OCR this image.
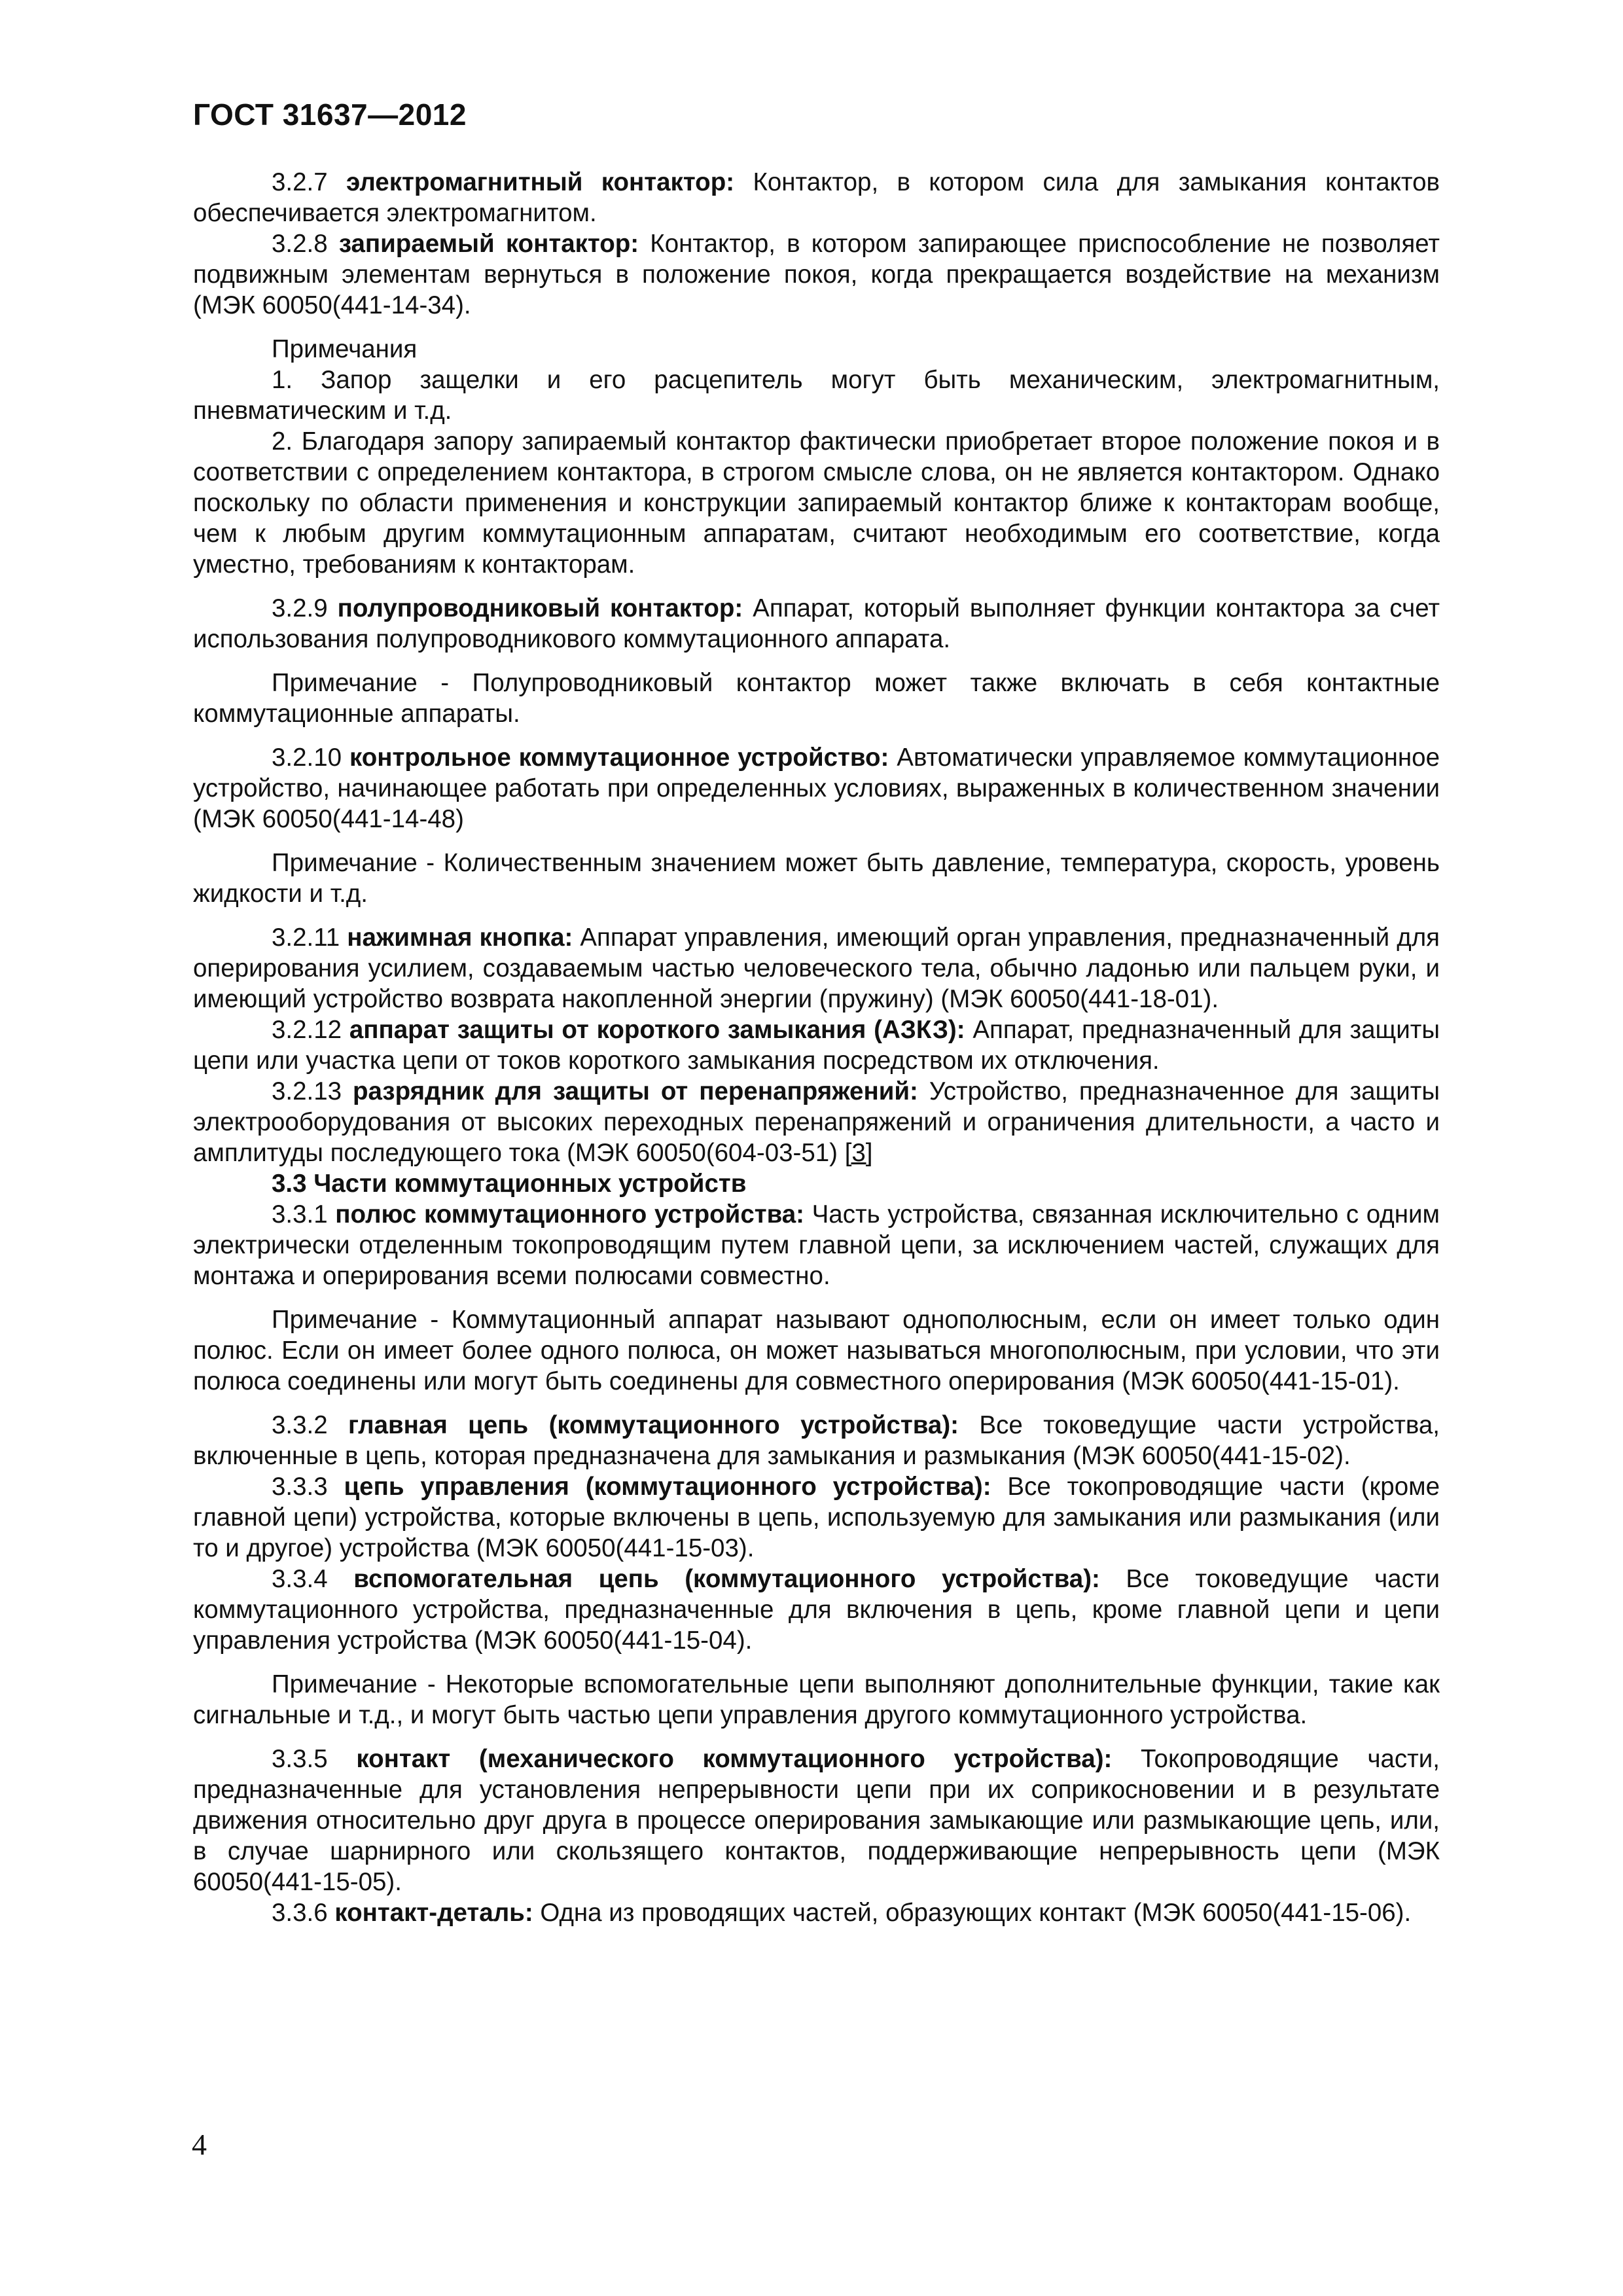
ГОСТ 31637—2012

3.2.7 электромагнитный контактор: Контактор, в котором сила для замыкания контактов обеспечивается электромагнитом.

3.2.8 запираемый контактор: Контактор, в котором запирающее приспособление не позволяет подвижным элементам вернуться в положение покоя, когда прекращается воздействие на механизм (МЭК 60050(441-14-34).

Примечания

1. Запор защелки и его расцепитель могут быть механическим, электромагнитным, пневматическим и т.д.

2. Благодаря запору запираемый контактор фактически приобретает второе положение покоя и в соответствии с определением контактора, в строгом смысле слова, он не является контактором. Однако поскольку по области применения и конструкции запираемый контактор ближе к контакторам вообще, чем к любым другим коммутационным аппаратам, считают необходимым его соответствие, когда уместно, требованиям к контакторам.

3.2.9 полупроводниковый контактор: Аппарат, который выполняет функции контактора за счет использования полупроводникового коммутационного аппарата.

Примечание - Полупроводниковый контактор может также включать в себя контактные коммутационные аппараты.

3.2.10 контрольное коммутационное устройство: Автоматически управляемое коммутационное устройство, начинающее работать при определенных условиях, выраженных в количественном значении (МЭК 60050(441-14-48)

Примечание - Количественным значением может быть давление, температура, скорость, уровень жидкости и т.д.

3.2.11 нажимная кнопка: Аппарат управления, имеющий орган управления, предназначенный для оперирования усилием, создаваемым частью человеческого тела, обычно ладонью или пальцем руки, и имеющий устройство возврата накопленной энергии (пружину) (МЭК 60050(441-18-01).

3.2.12 аппарат защиты от короткого замыкания (АЗКЗ): Аппарат, предназначенный для защиты цепи или участка цепи от токов короткого замыкания посредством их отключения.

3.2.13 разрядник для защиты от перенапряжений: Устройство, предназначенное для защиты электрооборудования от высоких переходных перенапряжений и ограничения длительности, а часто и амплитуды последующего тока (МЭК 60050(604-03-51) [3]

3.3 Части коммутационных устройств

3.3.1 полюс коммутационного устройства: Часть устройства, связанная исключительно с одним электрически отделенным токопроводящим путем главной цепи, за исключением частей, служащих для монтажа и оперирования всеми полюсами совместно.

Примечание - Коммутационный аппарат называют однополюсным, если он имеет только один полюс. Если он имеет более одного полюса, он может называться многополюсным, при условии, что эти полюса соединены или могут быть соединены для совместного оперирования (МЭК 60050(441-15-01).

3.3.2 главная цепь (коммутационного устройства): Все токоведущие части устройства, включенные в цепь, которая предназначена для замыкания и размыкания (МЭК 60050(441-15-02).

3.3.3 цепь управления (коммутационного устройства): Все токопроводящие части (кроме главной цепи) устройства, которые включены в цепь, используемую для замыкания или размыкания (или то и другое) устройства (МЭК 60050(441-15-03).

3.3.4 вспомогательная цепь (коммутационного устройства): Все токоведущие части коммутационного устройства, предназначенные для включения в цепь, кроме главной цепи и цепи управления устройства (МЭК 60050(441-15-04).

Примечание - Некоторые вспомогательные цепи выполняют дополнительные функции, такие как сигнальные и т.д., и могут быть частью цепи управления другого коммутационного устройства.

3.3.5 контакт (механического коммутационного устройства): Токопроводящие части, предназначенные для установления непрерывности цепи при их соприкосновении и в результате движения относительно друг друга в процессе оперирования замыкающие или размыкающие цепь, или, в случае шарнирного или скользящего контактов, поддерживающие непрерывность цепи (МЭК 60050(441-15-05).

3.3.6 контакт-деталь: Одна из проводящих частей, образующих контакт (МЭК 60050(441-15-06).

4
